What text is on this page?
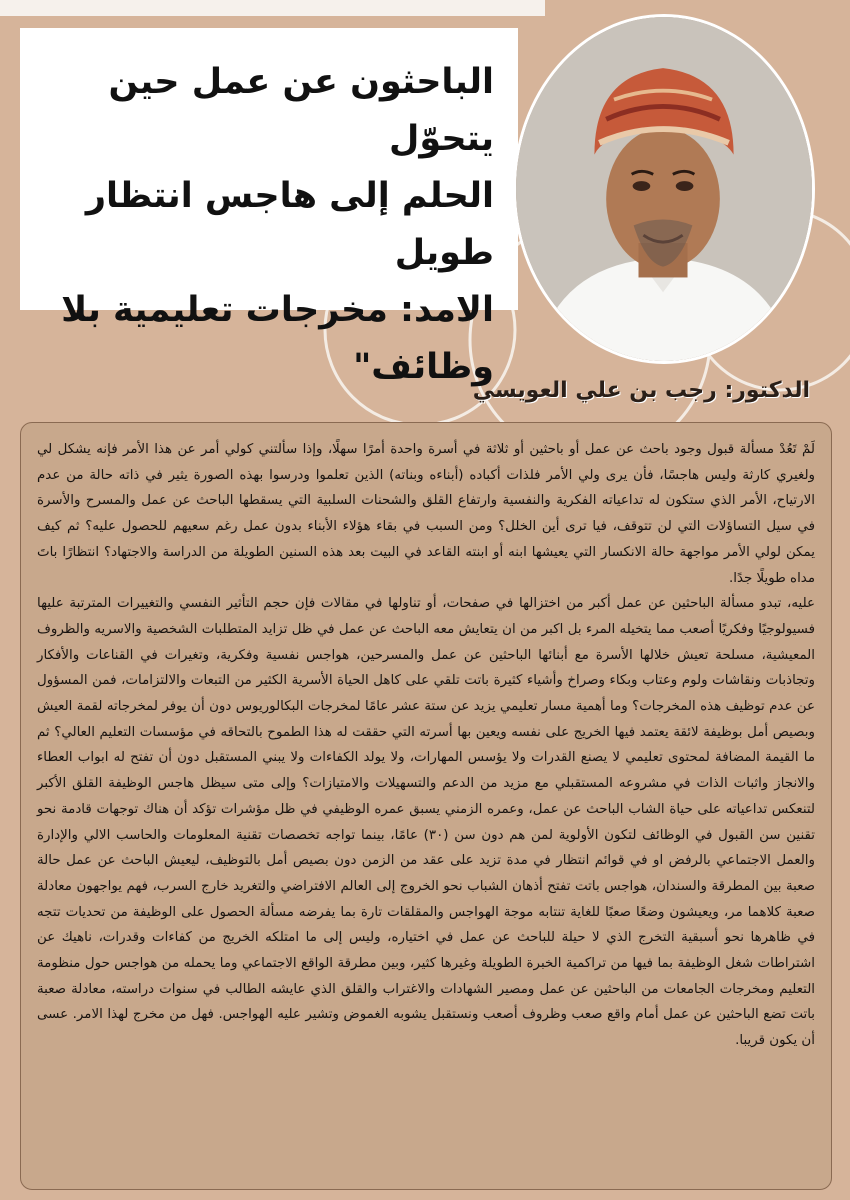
الباحثون عن عمل حين يتحوّل
الحلم إلى هاجس انتظار طويل
الامد: مخرجات تعليمية بلا
وظائف"
الدكتور: رجب بن علي العويسي

لَمْ تَعُدْ مسألة قبول وجود باحث عن عمل أو باحثين أو ثلاثة في أسرة واحدة أمرًا سهلًا، وإذا سألتني كولي أمر عن هذا الأمر فإنه يشكل لي ولغيري كارثة وليس هاجسًا، فأن يرى ولي الأمر فلذات أكباده (أبناءه وبناته) الذين تعلموا ودرسوا بهذه الصورة يثير في ذاته حالة من عدم الارتياح، الأمر الذي ستكون له تداعياته الفكرية والنفسية وارتفاع القلق والشحنات السلبية التي يسقطها الباحث عن عمل والمسرح والأسرة في سيل التساؤلات التي لن تتوقف، فيا ترى أين الخلل؟ ومن السبب في بقاء هؤلاء الأبناء بدون عمل رغم سعيهم للحصول عليه؟ ثم كيف يمكن لولي الأمر مواجهة حالة الانكسار التي يعيشها ابنه أو ابنته القاعد في البيت بعد هذه السنين الطويلة من الدراسة والاجتهاد؟ انتظارًا باتَ مداه طويلًا جدًا.

عليه، تبدو مسألة الباحثين عن عمل أكبر من اختزالها في صفحات، أو تناولها في مقالات فإن حجم التأثير النفسي والتغييرات المترتبة عليها فسيولوجيًا وفكريًا أصعب مما يتخيله المرء بل اكبر من ان يتعايش معه الباحث عن عمل في ظل تزايد المتطلبات الشخصية والاسريه والظروف المعيشية، مسلحة تعيش خلالها الأسرة مع أبنائها الباحثين عن عمل والمسرحين، هواجس نفسية وفكرية، وتغيرات في القناعات والأفكار وتجاذبات ونقاشات ولوم وعتاب وبكاء وصراخ وأشياء كثيرة باتت تلقي على كاهل الحياة الأسرية الكثير من التبعات والالتزامات، فمن المسؤول عن عدم توظيف هذه المخرجات؟ وما أهمية مسار تعليمي يزيد عن ستة عشر عامًا لمخرجات البكالوريوس دون أن يوفر لمخرجاته لقمة العيش وبصيص أمل بوظيفة لائقة يعتمد فيها الخريج على نفسه ويعين بها أسرته التي حققت له هذا الطموح بالتحاقه في مؤسسات التعليم العالي؟ ثم ما القيمة المضافة لمحتوى تعليمي لا يصنع القدرات ولا يؤسس المهارات، ولا يولد الكفاءات ولا يبني المستقبل دون أن تفتح له ابواب العطاء والانجاز واثبات الذات في مشروعه المستقبلي مع مزيد من الدعم والتسهيلات والامتيازات؟ وإلى متى سيظل هاجس الوظيفة القلق الأكبر لتنعكس تداعياته على حياة الشاب الباحث عن عمل، وعمره الزمني يسبق عمره الوظيفي في ظل مؤشرات تؤكد أن هناك توجهات قادمة نحو تقنين سن القبول في الوظائف لتكون الأولوية لمن هم دون سن (٣٠) عامًا، بينما تواجه تخصصات تقنية المعلومات والحاسب الالي والإدارة والعمل الاجتماعي بالرفض او في قوائم انتظار في مدة تزيد على عقد من الزمن دون بصيص أمل بالتوظيف، ليعيش الباحث عن عمل حالة صعبة بين المطرقة والسندان، هواجس باتت تفتح أذهان الشباب نحو الخروج إلى العالم الافتراضي والتغريد خارج السرب، فهم يواجهون معادلة صعبة كلاهما مر، ويعيشون وضعًا صعبًا للغاية تنتابه موجة الهواجس والمقلقات تارة بما يفرضه مسألة الحصول على الوظيفة من تحديات تتجه في ظاهرها نحو أسبقية التخرج الذي لا حيلة للباحث عن عمل في اختياره، وليس إلى ما امتلكه الخريج من كفاءات وقدرات، ناهيك عن اشتراطات شغل الوظيفة بما فيها من تراكمية الخبرة الطويلة وغيرها كثير، وبين مطرقة الواقع الاجتماعي وما يحمله من هواجس حول منظومة التعليم ومخرجات الجامعات من الباحثين عن عمل ومصير الشهادات والاغتراب والقلق الذي عايشه الطالب في سنوات دراسته، معادلة صعبة باتت تضع الباحثين عن عمل أمام واقع صعب وظروف أصعب ونستقبل يشوبه الغموض وتشير عليه الهواجس. فهل من مخرج لهذا الامر. عسى أن يكون قريبا.
